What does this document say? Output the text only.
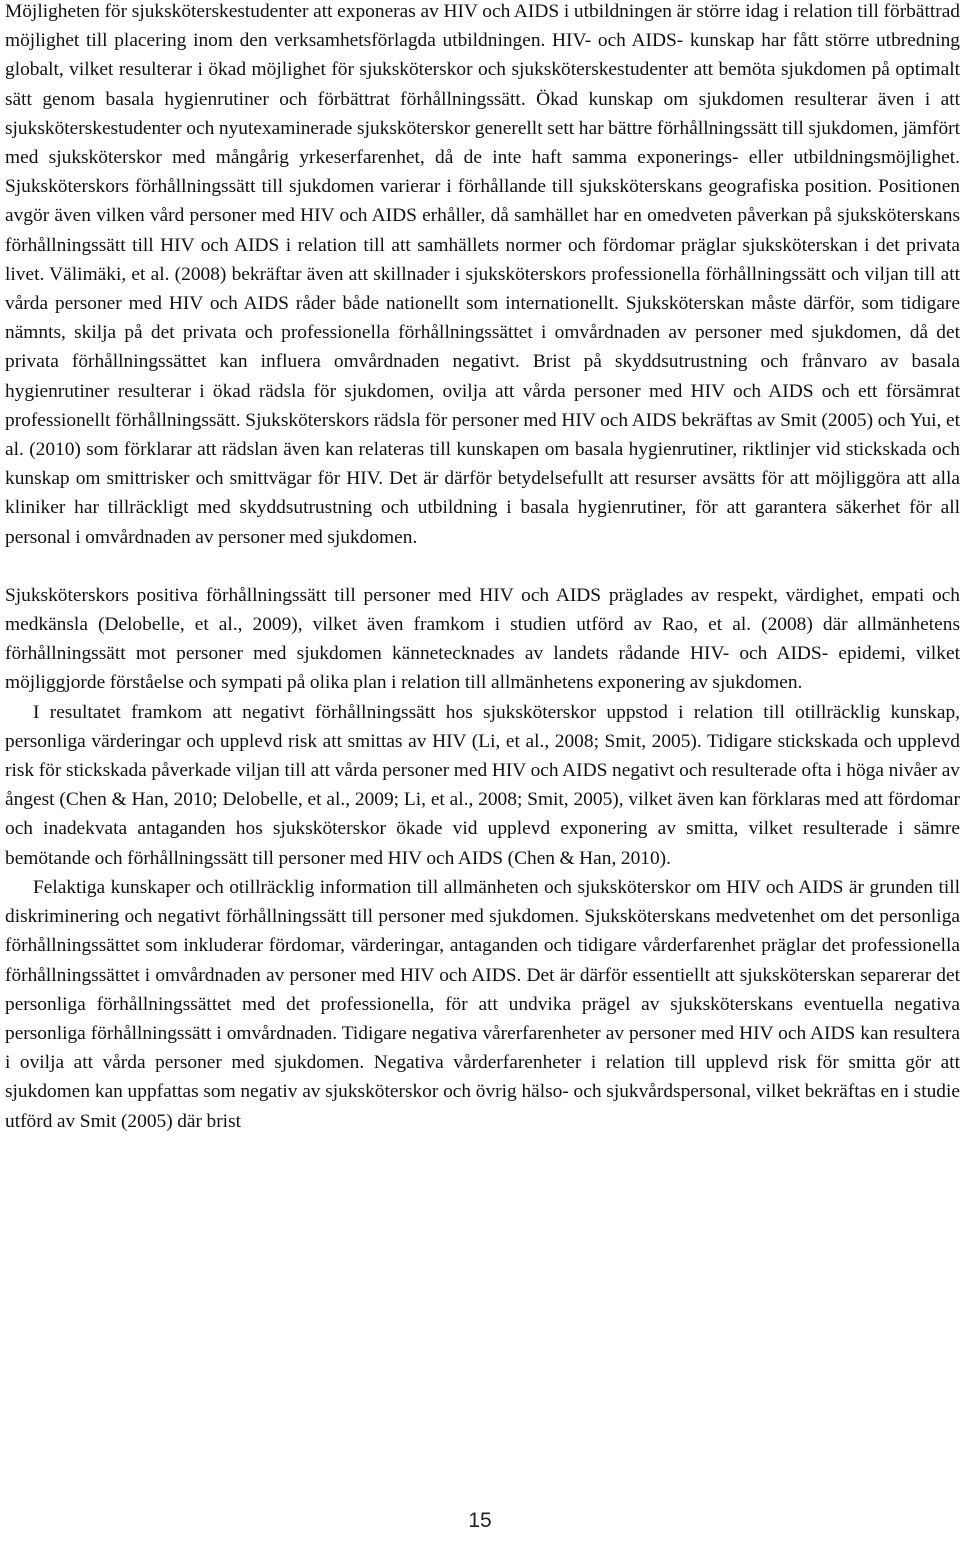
Möjligheten för sjuksköterskestudenter att exponeras av HIV och AIDS i utbildningen är större idag i relation till förbättrad möjlighet till placering inom den verksamhetsförlagda utbildningen. HIV- och AIDS- kunskap har fått större utbredning globalt, vilket resulterar i ökad möjlighet för sjuksköterskor och sjuksköterskestudenter att bemöta sjukdomen på optimalt sätt genom basala hygienrutiner och förbättrat förhållningssätt. Ökad kunskap om sjukdomen resulterar även i att sjuksköterskestudenter och nyutexaminerade sjuksköterskor generellt sett har bättre förhållningssätt till sjukdomen, jämfört med sjuksköterskor med mångårig yrkeserfarenhet, då de inte haft samma exponerings- eller utbildningsmöjlighet. Sjuksköterskors förhållningssätt till sjukdomen varierar i förhållande till sjuksköterskans geografiska position. Positionen avgör även vilken vård personer med HIV och AIDS erhåller, då samhället har en omedveten påverkan på sjuksköterskans förhållningssätt till HIV och AIDS i relation till att samhällets normer och fördomar präglar sjuksköterskan i det privata livet. Välimäki, et al. (2008) bekräftar även att skillnader i sjuksköterskors professionella förhållningssätt och viljan till att vårda personer med HIV och AIDS råder både nationellt som internationellt. Sjuksköterskan måste därför, som tidigare nämnts, skilja på det privata och professionella förhållningssättet i omvårdnaden av personer med sjukdomen, då det privata förhållningssättet kan influera omvårdnaden negativt. Brist på skyddsutrustning och frånvaro av basala hygienrutiner resulterar i ökad rädsla för sjukdomen, ovilja att vårda personer med HIV och AIDS och ett försämrat professionellt förhållningssätt. Sjuksköterskors rädsla för personer med HIV och AIDS bekräftas av Smit (2005) och Yui, et al. (2010) som förklarar att rädslan även kan relateras till kunskapen om basala hygienrutiner, riktlinjer vid stickskada och kunskap om smittrisker och smittvägar för HIV. Det är därför betydelsefullt att resurser avsätts för att möjliggöra att alla kliniker har tillräckligt med skyddsutrustning och utbildning i basala hygienrutiner, för att garantera säkerhet för all personal i omvårdnaden av personer med sjukdomen.

Sjuksköterskors positiva förhållningssätt till personer med HIV och AIDS präglades av respekt, värdighet, empati och medkänsla (Delobelle, et al., 2009), vilket även framkom i studien utförd av Rao, et al. (2008) där allmänhetens förhållningssätt mot personer med sjukdomen kännetecknades av landets rådande HIV- och AIDS- epidemi, vilket möjliggjorde förståelse och sympati på olika plan i relation till allmänhetens exponering av sjukdomen.

I resultatet framkom att negativt förhållningssätt hos sjuksköterskor uppstod i relation till otillräcklig kunskap, personliga värderingar och upplevd risk att smittas av HIV (Li, et al., 2008; Smit, 2005). Tidigare stickskada och upplevd risk för stickskada påverkade viljan till att vårda personer med HIV och AIDS negativt och resulterade ofta i höga nivåer av ångest (Chen & Han, 2010; Delobelle, et al., 2009; Li, et al., 2008; Smit, 2005), vilket även kan förklaras med att fördomar och inadekvata antaganden hos sjuksköterskor ökade vid upplevd exponering av smitta, vilket resulterade i sämre bemötande och förhållningssätt till personer med HIV och AIDS (Chen & Han, 2010).

Felaktiga kunskaper och otillräcklig information till allmänheten och sjuksköterskor om HIV och AIDS är grunden till diskriminering och negativt förhållningssätt till personer med sjukdomen. Sjuksköterskans medvetenhet om det personliga förhållningssättet som inkluderar fördomar, värderingar, antaganden och tidigare vårderfarenhet präglar det professionella förhållningssättet i omvårdnaden av personer med HIV och AIDS. Det är därför essentiellt att sjuksköterskan separerar det personliga förhållningssättet med det professionella, för att undvika prägel av sjuksköterskans eventuella negativa personliga förhållningssätt i omvårdnaden. Tidigare negativa vårerfarenheter av personer med HIV och AIDS kan resultera i ovilja att vårda personer med sjukdomen. Negativa vårderfarenheter i relation till upplevd risk för smitta gör att sjukdomen kan uppfattas som negativ av sjuksköterskor och övrig hälso- och sjukvårdspersonal, vilket bekräftas en i studie utförd av Smit (2005) där brist

15
